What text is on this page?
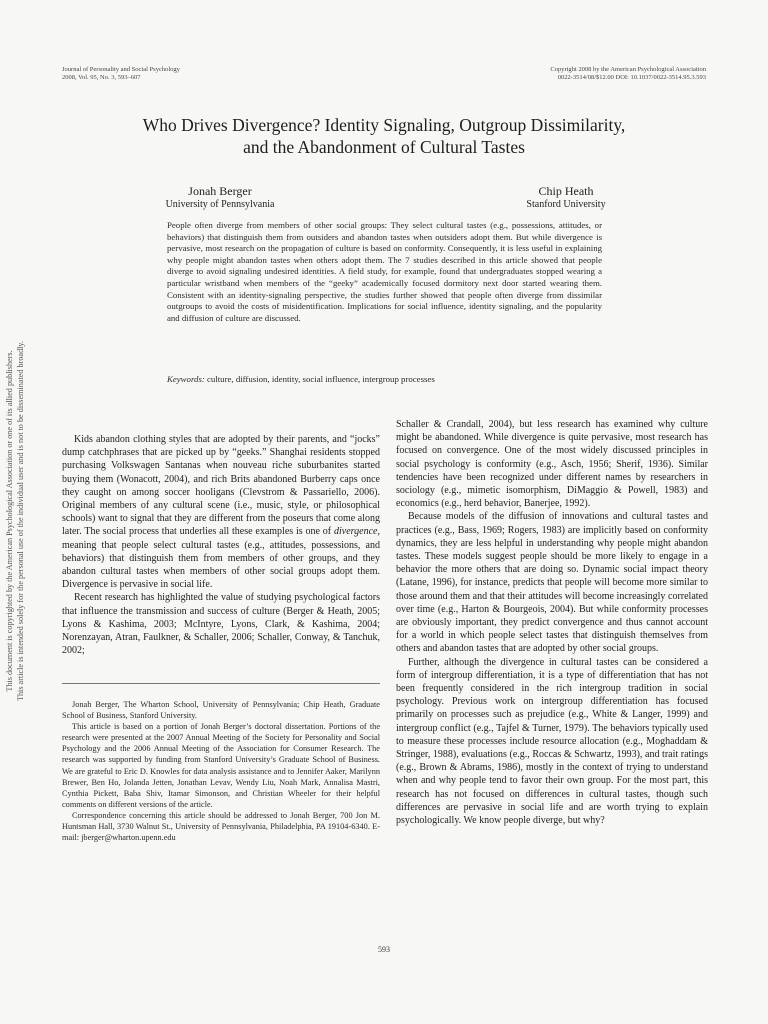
Journal of Personality and Social Psychology
2008, Vol. 95, No. 3, 593–607
Copyright 2008 by the American Psychological Association
0022-3514/08/$12.00 DOI: 10.1037/0022-3514.95.3.593
Who Drives Divergence? Identity Signaling, Outgroup Dissimilarity,
and the Abandonment of Cultural Tastes
Jonah Berger
University of Pennsylvania
Chip Heath
Stanford University

People often diverge from members of other social groups: They select cultural tastes (e.g., possessions, attitudes, or behaviors) that distinguish them from outsiders and abandon tastes when outsiders adopt them. But while divergence is pervasive, most research on the propagation of culture is based on conformity. Consequently, it is less useful in explaining why people might abandon tastes when others adopt them. The 7 studies described in this article showed that people diverge to avoid signaling undesired identities. A field study, for example, found that undergraduates stopped wearing a particular wristband when members of the “geeky” academically focused dormitory next door started wearing them. Consistent with an identity-signaling perspective, the studies further showed that people often diverge from dissimilar outgroups to avoid the costs of misidentification. Implications for social influence, identity signaling, and the popularity and diffusion of culture are discussed.

Keywords: culture, diffusion, identity, social influence, intergroup processes

Kids abandon clothing styles that are adopted by their parents, and “jocks” dump catchphrases that are picked up by “geeks.” Shanghai residents stopped purchasing Volkswagen Santanas when nouveau riche suburbanites started buying them (Wonacott, 2004), and rich Brits abandoned Burberry caps once they caught on among soccer hooligans (Clevstrom & Passariello, 2006). Original members of any cultural scene (i.e., music, style, or philosophical schools) want to signal that they are different from the poseurs that come along later. The social process that underlies all these examples is one of divergence, meaning that people select cultural tastes (e.g., attitudes, possessions, and behaviors) that distinguish them from members of other groups, and they abandon cultural tastes when members of other social groups adopt them. Divergence is pervasive in social life.

Recent research has highlighted the value of studying psychological factors that influence the transmission and success of culture (Berger & Heath, 2005; Lyons & Kashima, 2003; McIntyre, Lyons, Clark, & Kashima, 2004; Norenzayan, Atran, Faulkner, & Schaller, 2006; Schaller, Conway, & Tanchuk, 2002;

Jonah Berger, The Wharton School, University of Pennsylvania; Chip Heath, Graduate School of Business, Stanford University.

This article is based on a portion of Jonah Berger’s doctoral dissertation. Portions of the research were presented at the 2007 Annual Meeting of the Society for Personality and Social Psychology and the 2006 Annual Meeting of the Association for Consumer Research. The research was supported by funding from Stanford University’s Graduate School of Business. We are grateful to Eric D. Knowles for data analysis assistance and to Jennifer Aaker, Marilynn Brewer, Ben Ho, Jolanda Jetten, Jonathan Levav, Wendy Liu, Noah Mark, Annalisa Mastri, Cynthia Pickett, Baba Shiv, Itamar Simonson, and Christian Wheeler for their helpful comments on different versions of the article.

Correspondence concerning this article should be addressed to Jonah Berger, 700 Jon M. Huntsman Hall, 3730 Walnut St., University of Pennsylvania, Philadelphia, PA 19104-6340. E-mail: jberger@wharton.upenn.edu

Schaller & Crandall, 2004), but less research has examined why culture might be abandoned. While divergence is quite pervasive, most research has focused on convergence. One of the most widely discussed principles in social psychology is conformity (e.g., Asch, 1956; Sherif, 1936). Similar tendencies have been recognized under different names by researchers in sociology (e.g., mimetic isomorphism, DiMaggio & Powell, 1983) and economics (e.g., herd behavior, Banerjee, 1992).

Because models of the diffusion of innovations and cultural tastes and practices (e.g., Bass, 1969; Rogers, 1983) are implicitly based on conformity dynamics, they are less helpful in understanding why people might abandon tastes. These models suggest people should be more likely to engage in a behavior the more others that are doing so. Dynamic social impact theory (Latane, 1996), for instance, predicts that people will become more similar to those around them and that their attitudes will become increasingly correlated over time (e.g., Harton & Bourgeois, 2004). But while conformity processes are obviously important, they predict convergence and thus cannot account for a world in which people select tastes that distinguish themselves from others and abandon tastes that are adopted by other social groups.

Further, although the divergence in cultural tastes can be considered a form of intergroup differentiation, it is a type of differentiation that has not been frequently considered in the rich intergroup tradition in social psychology. Previous work on intergroup differentiation has focused primarily on processes such as prejudice (e.g., White & Langer, 1999) and intergroup conflict (e.g., Tajfel & Turner, 1979). The behaviors typically used to measure these processes include resource allocation (e.g., Moghaddam & Stringer, 1988), evaluations (e.g., Roccas & Schwartz, 1993), and trait ratings (e.g., Brown & Abrams, 1986), mostly in the context of trying to understand when and why people tend to favor their own group. For the most part, this research has not focused on differences in cultural tastes, though such differences are pervasive in social life and are worth trying to explain psychologically. We know people diverge, but why?

593
This document is copyrighted by the American Psychological Association or one of its allied publishers. This article is intended solely for the personal use of the individual user and is not to be disseminated broadly.
